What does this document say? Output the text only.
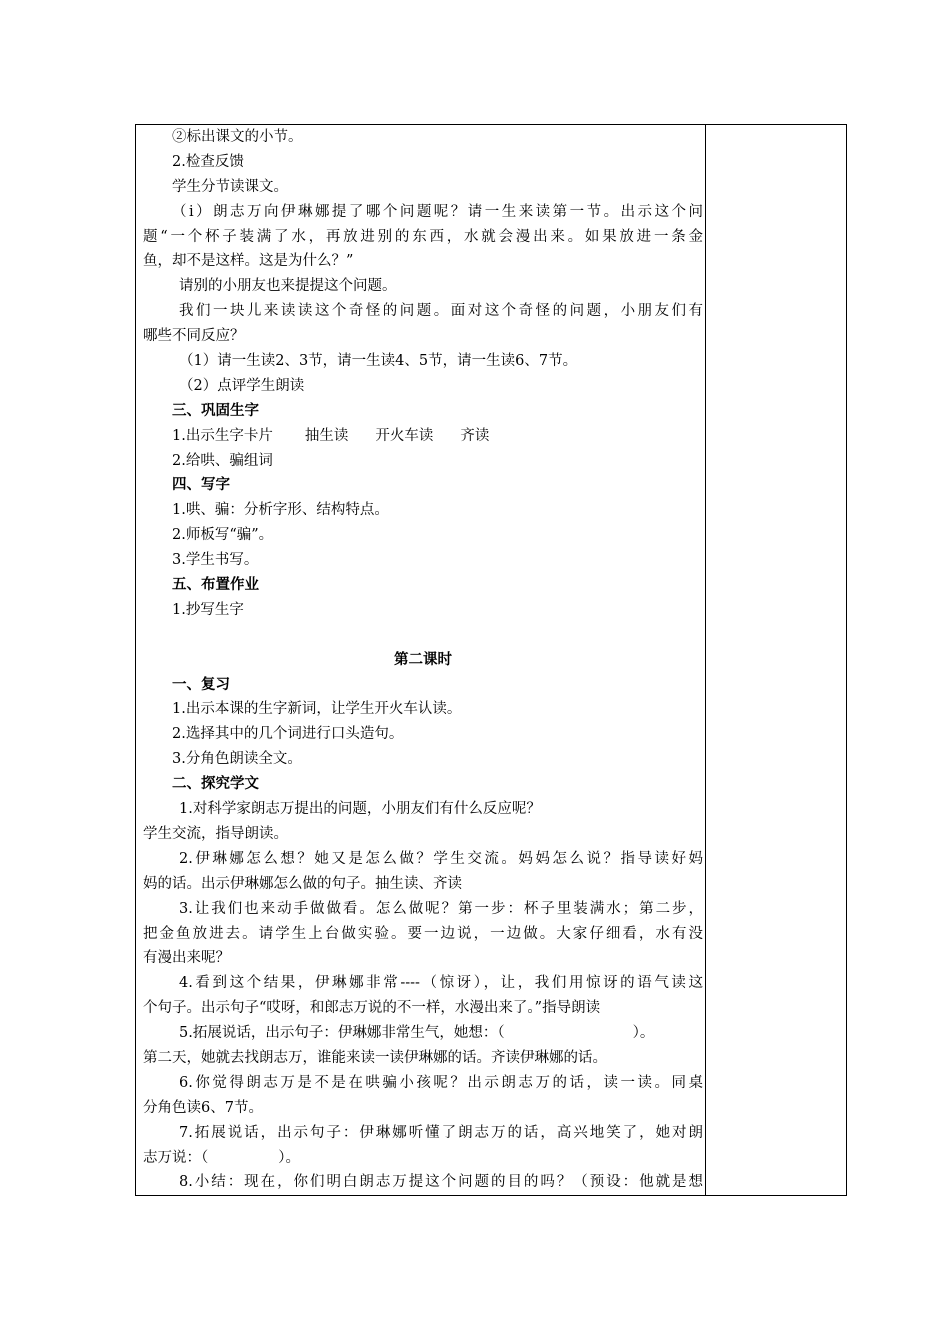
②标出课文的小节。
2.检查反馈
学生分节读课文。
（ⅰ）朗志万向伊琳娜提了哪个问题呢？请一生来读第一节。出示这个问
题“一个杯子装满了水，再放进别的东西，水就会漫出来。如果放进一条金
鱼，却不是这样。这是为什么？”
请别的小朋友也来提提这个问题。
我们一块儿来读读这个奇怪的问题。面对这个奇怪的问题，小朋友们有
哪些不同反应？
（1）请一生读2、3节，请一生读4、5节，请一生读6、7节。
（2）点评学生朗读
三、巩固生字
1.出示生字卡片 抽生读 开火车读 齐读
2.给哄、骗组词
四、写字
1.哄、骗：分析字形、结构特点。
2.师板写“骗”。
3.学生书写。
五、布置作业
1.抄写生字
第二课时
一、复习
1.出示本课的生字新词，让学生开火车认读。
2.选择其中的几个词进行口头造句。
3.分角色朗读全文。
二、探究学文
1.对科学家朗志万提出的问题，小朋友们有什么反应呢？
学生交流，指导朗读。
2.伊琳娜怎么想？她又是怎么做？学生交流。妈妈怎么说？指导读好妈
妈的话。出示伊琳娜怎么做的句子。抽生读、齐读
3.让我们也来动手做做看。怎么做呢？第一步：杯子里装满水；第二步，
把金鱼放进去。请学生上台做实验。要一边说，一边做。大家仔细看，水有没
有漫出来呢？
4.看到这个结果，伊琳娜非常----（惊讶），让，我们用惊讶的语气读这
个句子。出示句子“哎呀，和郎志万说的不一样，水漫出来了。”指导朗读
5.拓展说话，出示句子：伊琳娜非常生气，她想：（	）。
第二天，她就去找朗志万，谁能来读一读伊琳娜的话。齐读伊琳娜的话。
6.你觉得朗志万是不是在哄骗小孩呢？出示朗志万的话，读一读。同桌
分角色读6、7节。
7.拓展说话，出示句子：伊琳娜听懂了朗志万的话，高兴地笑了，她对朗
志万说：（	）。
8.小结：现在，你们明白朗志万提这个问题的目的吗？（预设：他就是想
